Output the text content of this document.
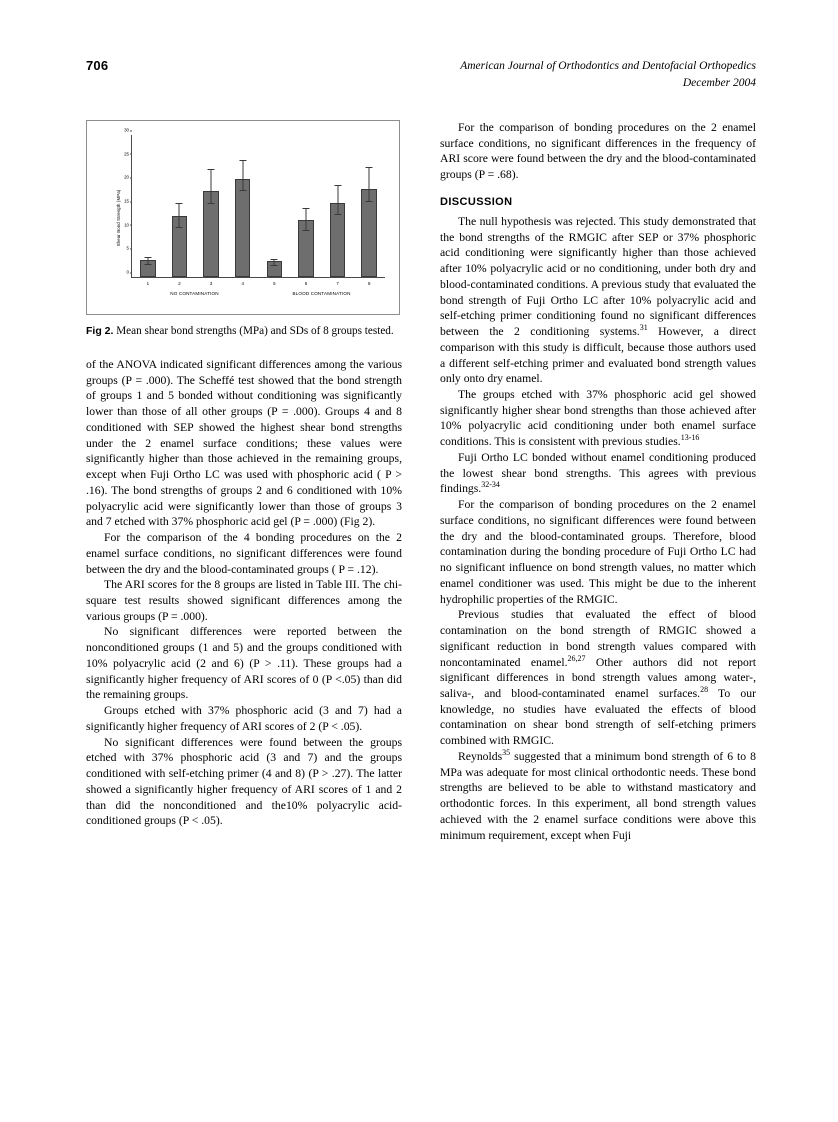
706	American Journal of Orthodontics and Dentofacial Orthopedics
December 2004
Shear Bond Strength (MPa)
0
5
10
15
20
25
30
1	2	3	4	5	6	7	8
NO CONTAMINATION	BLOOD CONTAMINATION

Fig 2. Mean shear bond strengths (MPa) and SDs of 8 groups tested.

of the ANOVA indicated significant differences among the various groups (P = .000). The Scheffé test showed that the bond strength of groups 1 and 5 bonded without conditioning was significantly lower than those of all other groups (P = .000). Groups 4 and 8 conditioned with SEP showed the highest shear bond strengths under the 2 enamel surface conditions; these values were significantly higher than those achieved in the remaining groups, except when Fuji Ortho LC was used with phosphoric acid ( P > .16). The bond strengths of groups 2 and 6 conditioned with 10% polyacrylic acid were significantly lower than those of groups 3 and 7 etched with 37% phosphoric acid gel (P = .000) (Fig 2).

For the comparison of the 4 bonding procedures on the 2 enamel surface conditions, no significant differences were found between the dry and the blood-contaminated groups ( P = .12).

The ARI scores for the 8 groups are listed in Table III. The chi-square test results showed significant differences among the various groups (P = .000).

No significant differences were reported between the nonconditioned groups (1 and 5) and the groups conditioned with 10% polyacrylic acid (2 and 6) (P > .11). These groups had a significantly higher frequency of ARI scores of 0 (P <.05) than did the remaining groups.

Groups etched with 37% phosphoric acid (3 and 7) had a significantly higher frequency of ARI scores of 2 (P < .05).

No significant differences were found between the groups etched with 37% phosphoric acid (3 and 7) and the groups conditioned with self-etching primer (4 and 8) (P > .27). The latter showed a significantly higher frequency of ARI scores of 1 and 2 than did the nonconditioned and the10% polyacrylic acid-conditioned groups (P < .05).

For the comparison of bonding procedures on the 2 enamel surface conditions, no significant differences in the frequency of ARI score were found between the dry and the blood-contaminated groups (P = .68).

DISCUSSION

The null hypothesis was rejected. This study demonstrated that the bond strengths of the RMGIC after SEP or 37% phosphoric acid conditioning were significantly higher than those achieved after 10% polyacrylic acid or no conditioning, under both dry and blood-contaminated conditions. A previous study that evaluated the bond strength of Fuji Ortho LC after 10% polyacrylic acid and self-etching primer conditioning found no significant differences between the 2 conditioning systems.$^{31}$ However, a direct comparison with this study is difficult, because those authors used a different self-etching primer and evaluated bond strength values only onto dry enamel.

The groups etched with 37% phosphoric acid gel showed significantly higher shear bond strengths than those achieved after 10% polyacrylic acid conditioning under both enamel surface conditions. This is consistent with previous studies.$^{13-16}$

Fuji Ortho LC bonded without enamel conditioning produced the lowest shear bond strengths. This agrees with previous findings.$^{32-34}$

For the comparison of bonding procedures on the 2 enamel surface conditions, no significant differences were found between the dry and the blood-contaminated groups. Therefore, blood contamination during the bonding procedure of Fuji Ortho LC had no significant influence on bond strength values, no matter which enamel conditioner was used. This might be due to the inherent hydrophilic properties of the RMGIC.

Previous studies that evaluated the effect of blood contamination on the bond strength of RMGIC showed a significant reduction in bond strength values compared with noncontaminated enamel.$^{26,27}$ Other authors did not report significant differences in bond strength values among water-, saliva-, and blood-contaminated enamel surfaces.$^{28}$ To our knowledge, no studies have evaluated the effects of blood contamination on shear bond strength of self-etching primers combined with RMGIC.

Reynolds$^{35}$ suggested that a minimum bond strength of 6 to 8 MPa was adequate for most clinical orthodontic needs. These bond strengths are believed to be able to withstand masticatory and orthodontic forces. In this experiment, all bond strength values achieved with the 2 enamel surface conditions were above this minimum requirement, except when Fuji
